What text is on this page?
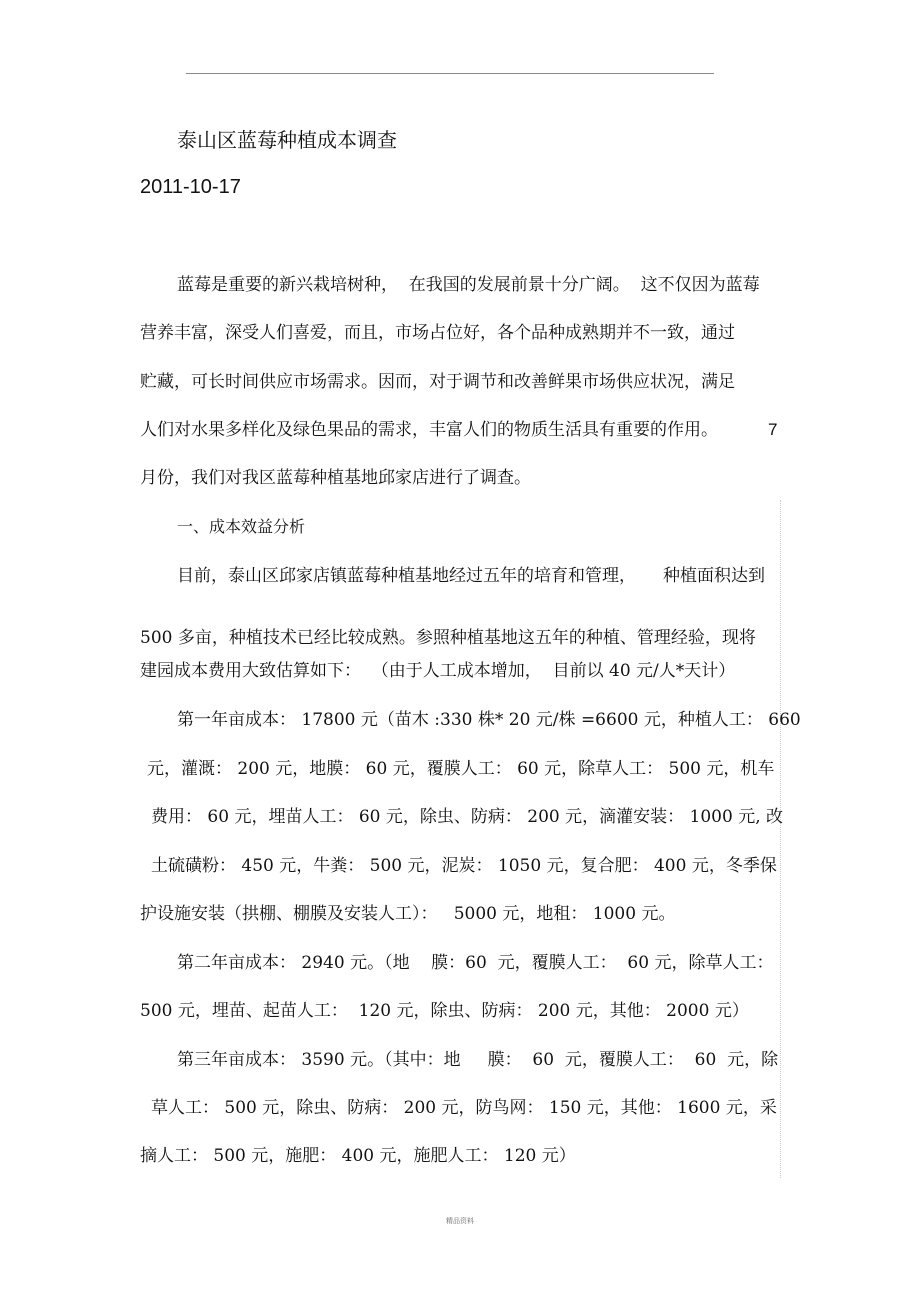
泰山区蓝莓种植成本调查
2011-10-17
蓝莓是重要的新兴栽培树种，  在我国的发展前景十分广阔。  这不仅因为蓝莓
营养丰富，深受人们喜爱，而且，市场占位好，各个品种成熟期并不一致，通过
贮藏，可长时间供应市场需求。因而，对于调节和改善鲜果市场供应状况，满足
人们对水果多样化及绿色果品的需求，丰富人们的物质生活具有重要的作用。	7
月份，我们对我区蓝莓种植基地邱家店进行了调查。
一、成本效益分析
目前，泰山区邱家店镇蓝莓种植基地经过五年的培育和管理，     种植面积达到
500 多亩，种植技术已经比较成熟。参照种植基地这五年的种植、管理经验，现将
建园成本费用大致估算如下：  （由于人工成本增加，  目前以 40 元/人*天计）
第一年亩成本： 17800 元（苗木 :330 株* 20 元/株 =6600 元，种植人工： 660
元，灌溉： 200 元，地膜： 60 元，覆膜人工： 60 元，除草人工： 500 元，机车
费用： 60 元，埋苗人工： 60 元，除虫、防病： 200 元，滴灌安装： 1000 元, 改
土硫磺粉： 450 元，牛粪： 500 元，泥炭： 1050 元，复合肥： 400 元，冬季保
护设施安装（拱棚、棚膜及安装人工）：   5000 元，地租： 1000 元。
第二年亩成本： 2940 元。（地    膜：60  元，覆膜人工：  60 元，除草人工：
500 元，埋苗、起苗人工：  120 元，除虫、防病： 200 元，其他： 2000 元）
第三年亩成本： 3590 元。（其中：地     膜：  60  元，覆膜人工：  60  元，除
草人工： 500 元，除虫、防病： 200 元，防鸟网： 150 元，其他： 1600 元，采
摘人工： 500 元，施肥： 400 元，施肥人工： 120 元）
精品资料
